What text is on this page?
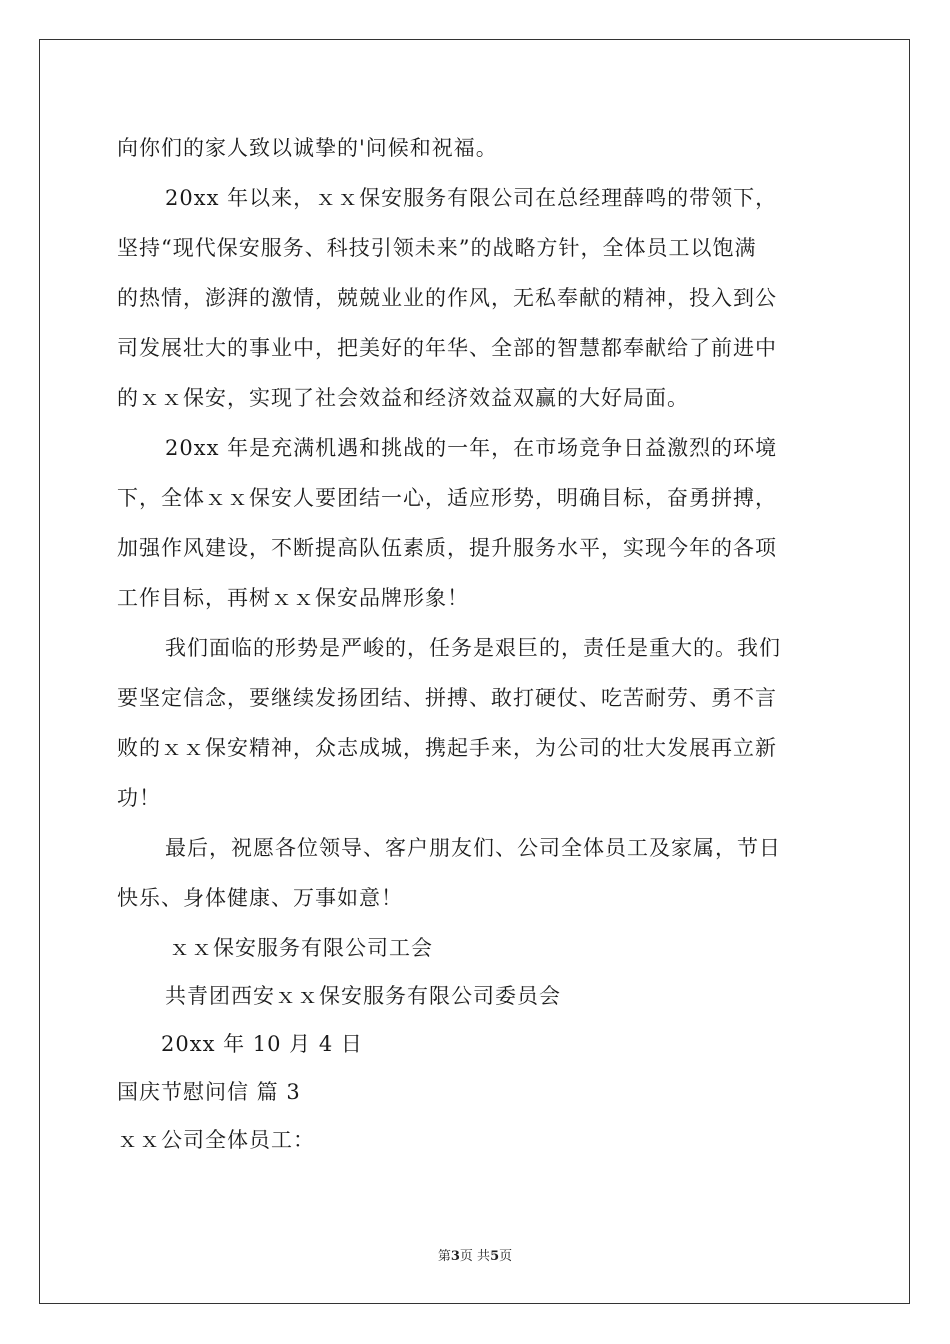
向你们的家人致以诚挚的'问候和祝福。

20xx 年以来，ｘｘ保安服务有限公司在总经理薛鸣的带领下，

坚持“现代保安服务、科技引领未来”的战略方针，全体员工以饱满

的热情，澎湃的激情，兢兢业业的作风，无私奉献的精神，投入到公

司发展壮大的事业中，把美好的年华、全部的智慧都奉献给了前进中

的ｘｘ保安，实现了社会效益和经济效益双赢的大好局面。

20xx 年是充满机遇和挑战的一年，在市场竞争日益激烈的环境

下，全体ｘｘ保安人要团结一心，适应形势，明确目标，奋勇拼搏，

加强作风建设，不断提高队伍素质，提升服务水平，实现今年的各项

工作目标，再树ｘｘ保安品牌形象！

我们面临的形势是严峻的，任务是艰巨的，责任是重大的。我们

要坚定信念，要继续发扬团结、拼搏、敢打硬仗、吃苦耐劳、勇不言

败的ｘｘ保安精神，众志成城，携起手来，为公司的壮大发展再立新

功！

最后，祝愿各位领导、客户朋友们、公司全体员工及家属，节日

快乐、身体健康、万事如意！

ｘｘ保安服务有限公司工会

共青团西安ｘｘ保安服务有限公司委员会

20xx 年 10 月 4 日

国庆节慰问信 篇 3
ｘｘ公司全体员工：
第3页 共5页
